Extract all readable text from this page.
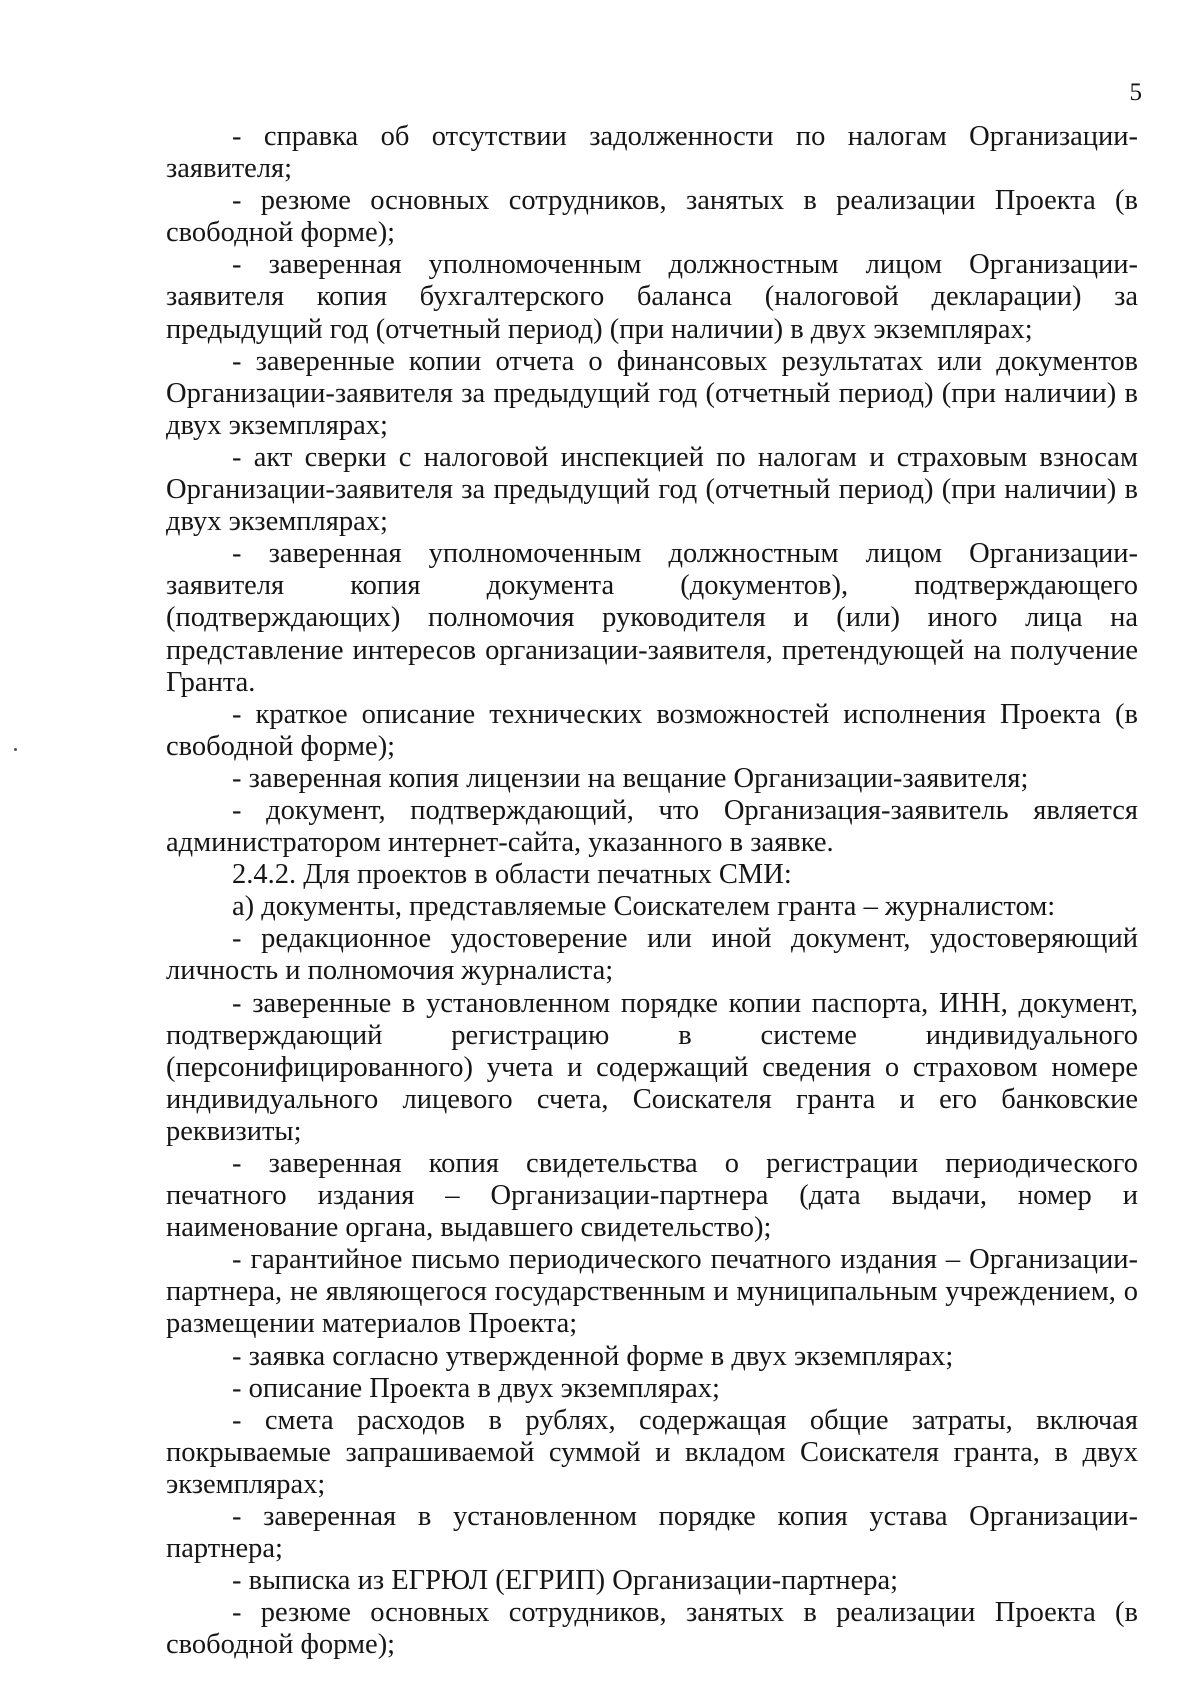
5

- справка об отсутствии задолженности по налогам Организации-заявителя;

- резюме основных сотрудников, занятых в реализации Проекта (в свободной форме);

- заверенная уполномоченным должностным лицом Организации-заявителя копия бухгалтерского баланса (налоговой декларации) за предыдущий год (отчетный период) (при наличии) в двух экземплярах;

- заверенные копии отчета о финансовых результатах или документов Организации-заявителя за предыдущий год (отчетный период) (при наличии) в двух экземплярах;

- акт сверки с налоговой инспекцией по налогам и страховым взносам Организации-заявителя за предыдущий год (отчетный период) (при наличии) в двух экземплярах;

- заверенная уполномоченным должностным лицом Организации-заявителя копия документа (документов), подтверждающего (подтверждающих) полномочия руководителя и (или) иного лица на представление интересов организации-заявителя, претендующей на получение Гранта.

- краткое описание технических возможностей исполнения Проекта (в свободной форме);

- заверенная копия лицензии на вещание Организации-заявителя;

- документ, подтверждающий, что Организация-заявитель является администратором интернет-сайта, указанного в заявке.

2.4.2. Для проектов в области печатных СМИ:

а) документы, представляемые Соискателем гранта – журналистом:

- редакционное удостоверение или иной документ, удостоверяющий личность и полномочия журналиста;

- заверенные в установленном порядке копии паспорта, ИНН, документ, подтверждающий регистрацию в системе индивидуального (персонифицированного) учета и содержащий сведения о страховом номере индивидуального лицевого счета, Соискателя гранта и его банковские реквизиты;

- заверенная копия свидетельства о регистрации периодического печатного издания – Организации-партнера (дата выдачи, номер и наименование органа, выдавшего свидетельство);

- гарантийное письмо периодического печатного издания – Организации-партнера, не являющегося государственным и муниципальным учреждением, о размещении материалов Проекта;

- заявка согласно утвержденной форме в двух экземплярах;

- описание Проекта в двух экземплярах;

- смета расходов в рублях, содержащая общие затраты, включая покрываемые запрашиваемой суммой и вкладом Соискателя гранта, в двух экземплярах;

- заверенная в установленном порядке копия устава Организации-партнера;

- выписка из ЕГРЮЛ (ЕГРИП) Организации-партнера;

- резюме основных сотрудников, занятых в реализации Проекта (в свободной форме);
